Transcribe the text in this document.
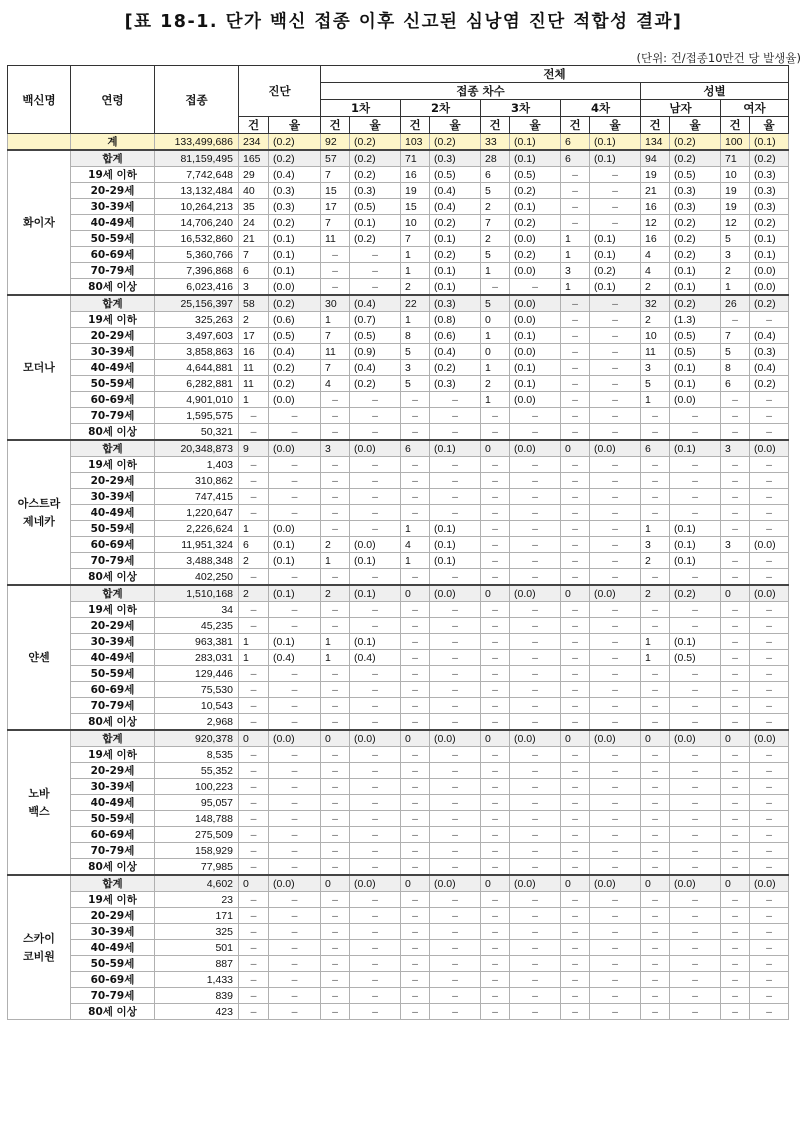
[표 18-1. 단가 백신 접종 이후 신고된 심낭염 진단 적합성 결과]
(단위: 건/접종10만건 당 발생율)
백신명	연령	접종	진단		전체											
					접종 차수								성별			
					1차		2차		3차		4차		남자		여자	
			건	율	건	율	건	율	건	율	건	율	건	율	건	율
	계	133,499,686	234	(0.2)	92	(0.2)	103	(0.2)	33	(0.1)	6	(0.1)	134	(0.2)	100	(0.1)

화이자	합계	81,159,495	165	(0.2)	57	(0.2)	71	(0.3)	28	(0.1)	6	(0.1)	94	(0.2)	71	(0.2)
	19세 이하	7,742,648	29	(0.4)	7	(0.2)	16	(0.5)	6	(0.5)	–	–	19	(0.5)	10	(0.3)
	20-29세	13,132,484	40	(0.3)	15	(0.3)	19	(0.4)	5	(0.2)	–	–	21	(0.3)	19	(0.3)
	30-39세	10,264,213	35	(0.3)	17	(0.5)	15	(0.4)	2	(0.1)	–	–	16	(0.3)	19	(0.3)
	40-49세	14,706,240	24	(0.2)	7	(0.1)	10	(0.2)	7	(0.2)	–	–	12	(0.2)	12	(0.2)
	50-59세	16,532,860	21	(0.1)	11	(0.2)	7	(0.1)	2	(0.0)	1	(0.1)	16	(0.2)	5	(0.1)
	60-69세	5,360,766	7	(0.1)	–	–	1	(0.2)	5	(0.2)	1	(0.1)	4	(0.2)	3	(0.1)
	70-79세	7,396,868	6	(0.1)	–	–	1	(0.1)	1	(0.0)	3	(0.2)	4	(0.1)	2	(0.0)
	80세 이상	6,023,416	3	(0.0)	–	–	2	(0.1)	–	–	1	(0.1)	2	(0.1)	1	(0.0)

모더나	합계	25,156,397	58	(0.2)	30	(0.4)	22	(0.3)	5	(0.0)	–	–	32	(0.2)	26	(0.2)
	19세 이하	325,263	2	(0.6)	1	(0.7)	1	(0.8)	0	(0.0)	–	–	2	(1.3)	–	–
	20-29세	3,497,603	17	(0.5)	7	(0.5)	8	(0.6)	1	(0.1)	–	–	10	(0.5)	7	(0.4)
	30-39세	3,858,863	16	(0.4)	11	(0.9)	5	(0.4)	0	(0.0)	–	–	11	(0.5)	5	(0.3)
	40-49세	4,644,881	11	(0.2)	7	(0.4)	3	(0.2)	1	(0.1)	–	–	3	(0.1)	8	(0.4)
	50-59세	6,282,881	11	(0.2)	4	(0.2)	5	(0.3)	2	(0.1)	–	–	5	(0.1)	6	(0.2)
	60-69세	4,901,010	1	(0.0)	–	–	–	–	1	(0.0)	–	–	1	(0.0)	–	–
	70-79세	1,595,575	–	–	–	–	–	–	–	–	–	–	–	–	–	–
	80세 이상	50,321	–	–	–	–	–	–	–	–	–	–	–	–	–	–

아스트라
제네카	합계	20,348,873	9	(0.0)	3	(0.0)	6	(0.1)	0	(0.0)	0	(0.0)	6	(0.1)	3	(0.0)
	19세 이하	1,403	–	–	–	–	–	–	–	–	–	–	–	–	–	–
	20-29세	310,862	–	–	–	–	–	–	–	–	–	–	–	–	–	–
	30-39세	747,415	–	–	–	–	–	–	–	–	–	–	–	–	–	–
	40-49세	1,220,647	–	–	–	–	–	–	–	–	–	–	–	–	–	–
	50-59세	2,226,624	1	(0.0)	–	–	1	(0.1)	–	–	–	–	1	(0.1)	–	–
	60-69세	11,951,324	6	(0.1)	2	(0.0)	4	(0.1)	–	–	–	–	3	(0.1)	3	(0.0)
	70-79세	3,488,348	2	(0.1)	1	(0.1)	1	(0.1)	–	–	–	–	2	(0.1)	–	–
	80세 이상	402,250	–	–	–	–	–	–	–	–	–	–	–	–	–	–

얀센	합계	1,510,168	2	(0.1)	2	(0.1)	0	(0.0)	0	(0.0)	0	(0.0)	2	(0.2)	0	(0.0)
	19세 이하	34	–	–	–	–	–	–	–	–	–	–	–	–	–	–
	20-29세	45,235	–	–	–	–	–	–	–	–	–	–	–	–	–	–
	30-39세	963,381	1	(0.1)	1	(0.1)	–	–	–	–	–	–	1	(0.1)	–	–
	40-49세	283,031	1	(0.4)	1	(0.4)	–	–	–	–	–	–	1	(0.5)	–	–
	50-59세	129,446	–	–	–	–	–	–	–	–	–	–	–	–	–	–
	60-69세	75,530	–	–	–	–	–	–	–	–	–	–	–	–	–	–
	70-79세	10,543	–	–	–	–	–	–	–	–	–	–	–	–	–	–
	80세 이상	2,968	–	–	–	–	–	–	–	–	–	–	–	–	–	–

노바
백스	합계	920,378	0	(0.0)	0	(0.0)	0	(0.0)	0	(0.0)	0	(0.0)	0	(0.0)	0	(0.0)
	19세 이하	8,535	–	–	–	–	–	–	–	–	–	–	–	–	–	–
	20-29세	55,352	–	–	–	–	–	–	–	–	–	–	–	–	–	–
	30-39세	100,223	–	–	–	–	–	–	–	–	–	–	–	–	–	–
	40-49세	95,057	–	–	–	–	–	–	–	–	–	–	–	–	–	–
	50-59세	148,788	–	–	–	–	–	–	–	–	–	–	–	–	–	–
	60-69세	275,509	–	–	–	–	–	–	–	–	–	–	–	–	–	–
	70-79세	158,929	–	–	–	–	–	–	–	–	–	–	–	–	–	–
	80세 이상	77,985	–	–	–	–	–	–	–	–	–	–	–	–	–	–

스카이
코비원	합계	4,602	0	(0.0)	0	(0.0)	0	(0.0)	0	(0.0)	0	(0.0)	0	(0.0)	0	(0.0)
	19세 이하	23	–	–	–	–	–	–	–	–	–	–	–	–	–	–
	20-29세	171	–	–	–	–	–	–	–	–	–	–	–	–	–	–
	30-39세	325	–	–	–	–	–	–	–	–	–	–	–	–	–	–
	40-49세	501	–	–	–	–	–	–	–	–	–	–	–	–	–	–
	50-59세	887	–	–	–	–	–	–	–	–	–	–	–	–	–	–
	60-69세	1,433	–	–	–	–	–	–	–	–	–	–	–	–	–	–
	70-79세	839	–	–	–	–	–	–	–	–	–	–	–	–	–	–
	80세 이상	423	–	–	–	–	–	–	–	–	–	–	–	–	–	–
